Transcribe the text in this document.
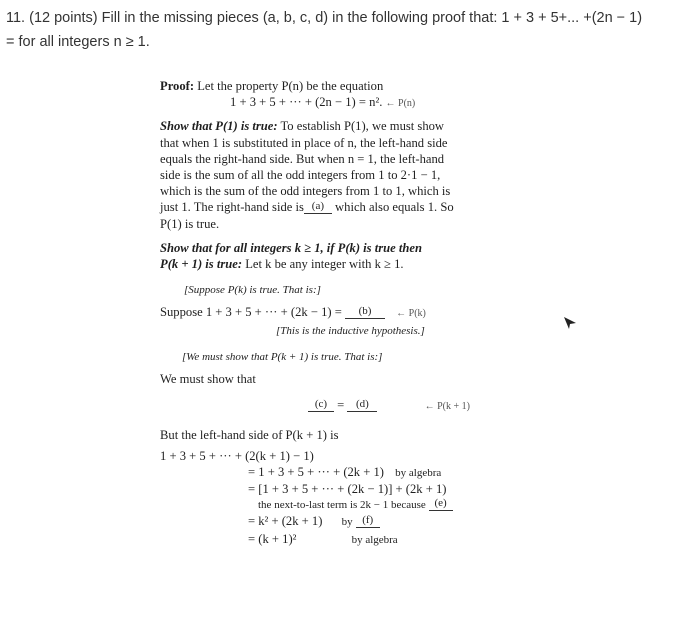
11. (12 points) Fill in the missing pieces (a, b, c, d) in the following proof that: 1 + 3 + 5+... +(2n − 1)
= for all integers n ≥ 1.
Proof: Let the property P(n) be the equation
1 + 3 + 5 + ··· + (2n − 1) = n². ← P(n)
Show that P(1) is true: To establish P(1), we must show
that when 1 is substituted in place of n, the left-hand side
equals the right-hand side. But when n = 1, the left-hand
side is the sum of all the odd integers from 1 to 2·1 − 1,
which is the sum of the odd integers from 1 to 1, which is
just 1. The right-hand side is (a) which also equals 1. So
P(1) is true.
Show that for all integers k ≥ 1, if P(k) is true then
P(k + 1) is true: Let k be any integer with k ≥ 1.
[Suppose P(k) is true. That is:]
Suppose 1 + 3 + 5 + ··· + (2k − 1) = (b) ← P(k)
[This is the inductive hypothesis.]
[We must show that P(k + 1) is true. That is:]
We must show that
(c) = (d)	← P(k + 1)
But the left-hand side of P(k + 1) is
1 + 3 + 5 + ··· + (2(k + 1) − 1)
= 1 + 3 + 5 + ··· + (2k + 1) by algebra
= [1 + 3 + 5 + ··· + (2k − 1)] + (2k + 1)
the next-to-last term is 2k − 1 because (e)
= k² + (2k + 1) by (f)
= (k + 1)²	by algebra
